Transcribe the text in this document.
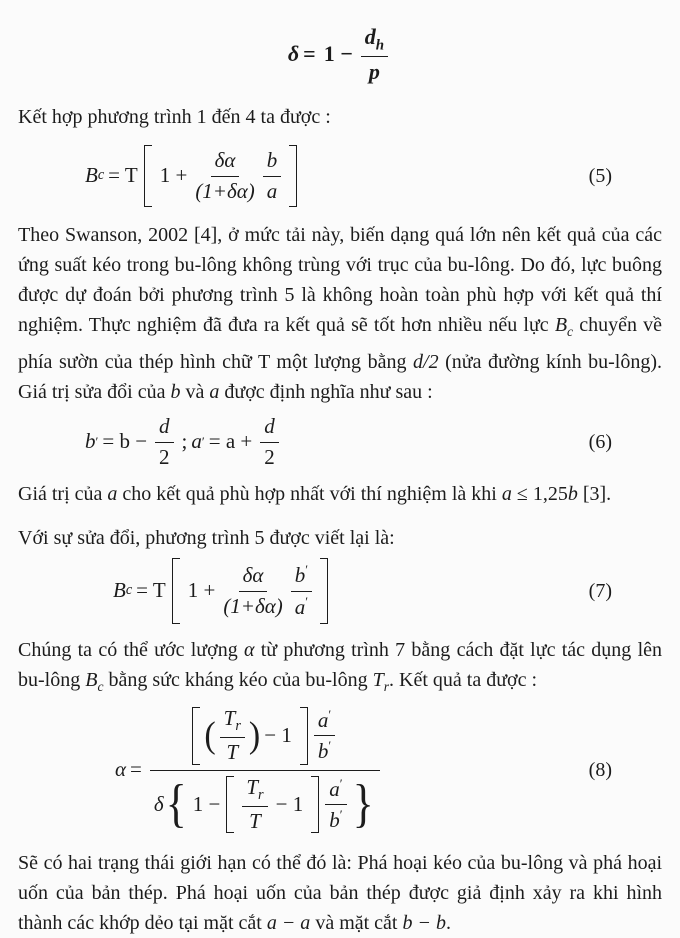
$\delta = 1 - \frac{d_h}{p}$

Kết hợp phương trình 1 đến 4 ta được :

B c = T $1 + \frac{\delta\alpha}{(1+\delta\alpha)} \frac{b}{a}$	(5)

Theo Swanson, 2002 [4], ở mức tải này, biến dạng quá lớn nên kết quả của các ứng suất kéo trong bu-lông không trùng với trục của bu-lông. Do đó, lực buông được dự đoán bởi phương trình 5 là không hoàn toàn phù hợp với kết quả thí nghiệm. Thực nghiệm đã đưa ra kết quả sẽ tốt hơn nhiều nếu lực $B_c$ chuyển về phía sườn của thép hình chữ T một lượng bằng d/2 (nửa đường kính bu-lông). Giá trị sửa đổi của b và a được định nghĩa như sau :

b ′ = $b - \frac{d}{2}$ ; a ′ = $a + \frac{d}{2}$	(6)

Giá trị của a cho kết quả phù hợp nhất với thí nghiệm là khi a ≤ 1,25b [3].

Với sự sửa đổi, phương trình 5 được viết lại là:

B c = T $1 + \frac{\delta\alpha}{(1+\delta\alpha)} \frac{b'}{a'}$	(7)

Chúng ta có thể ước lượng α từ phương trình 7 bằng cách đặt lực tác dụng lên bu-lông $B_c$ bằng sức kháng kéo của bu-lông $T_r$. Kết quả ta được :

α =
( $\frac{T_r}{T}$ ) − $1 \frac{a'}{b'}$
δ { $1 - \frac{T_r}{T} - 1 \frac{a'}{b'}$ }
(8)

Sẽ có hai trạng thái giới hạn có thể đó là: Phá hoại kéo của bu-lông và phá hoại uốn của bản thép. Phá hoại uốn của bản thép được giả định xảy ra khi hình thành các khớp dẻo tại mặt cắt a − a và mặt cắt b − b.
